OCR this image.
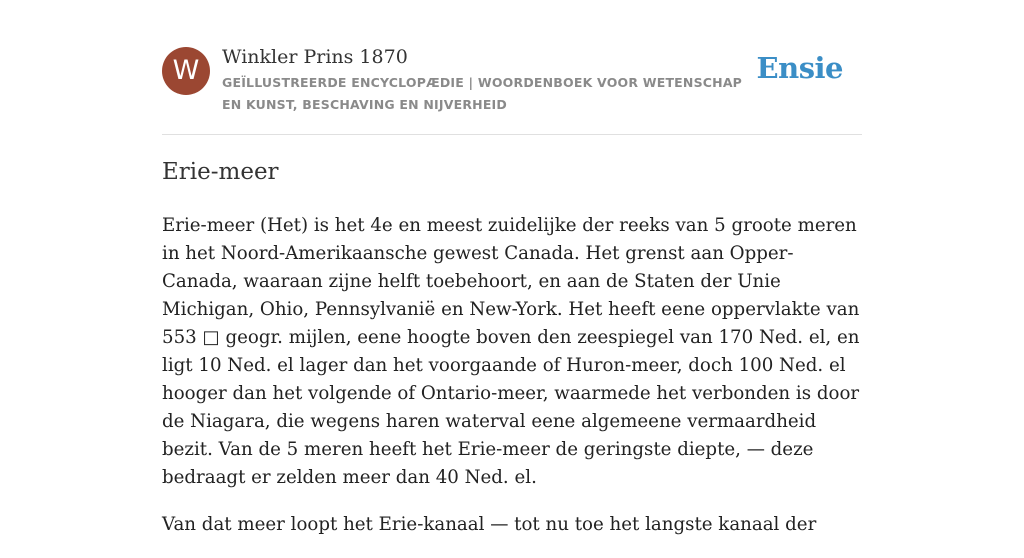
W	Winkler Prins 1870
GEÏLLUSTREERDE ENCYCLOPÆDIE | WOORDENBOEK VOOR WETENSCHAP EN KUNST, BESCHAVING EN NIJVERHEID
Ensie
Erie-meer

Erie-meer (Het) is het 4e en meest zuidelijke der reeks van 5 groote meren in het Noord-Amerikaansche gewest Canada. Het grenst aan Opper-Canada, waaraan zijne helft toebehoort, en aan de Staten der Unie Michigan, Ohio, Pennsylvanië en New-York. Het heeft eene oppervlakte van 553 □ geogr. mijlen, eene hoogte boven den zeespiegel van 170 Ned. el, en ligt 10 Ned. el lager dan het voorgaande of Huron-meer, doch 100 Ned. el hooger dan het volgende of Ontario-meer, waarmede het verbonden is door de Niagara, die wegens haren waterval eene algemeene vermaardheid bezit. Van de 5 meren heeft het Erie-meer de geringste diepte, — deze bedraagt er zelden meer dan 40 Ned. el.

Van dat meer loopt het Erie-kanaal — tot nu toe het langste kanaal der
